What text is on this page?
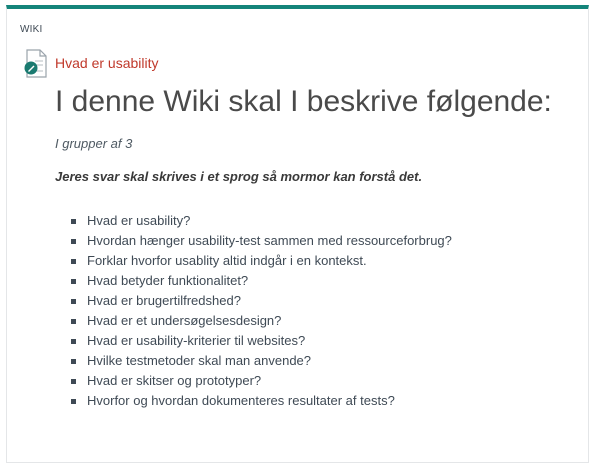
WIKI
Hvad er usability
I denne Wiki skal I beskrive følgende:

I grupper af 3

Jeres svar skal skrives i et sprog så mormor kan forstå det.

Hvad er usability?
Hvordan hænger usability-test sammen med ressourceforbrug?
Forklar hvorfor usablity altid indgår i en kontekst.
Hvad betyder funktionalitet?
Hvad er brugertilfredshed?
Hvad er et undersøgelsesdesign?
Hvad er usability-kriterier til websites?
Hvilke testmetoder skal man anvende?
Hvad er skitser og prototyper?
Hvorfor og hvordan dokumenteres resultater af tests?
